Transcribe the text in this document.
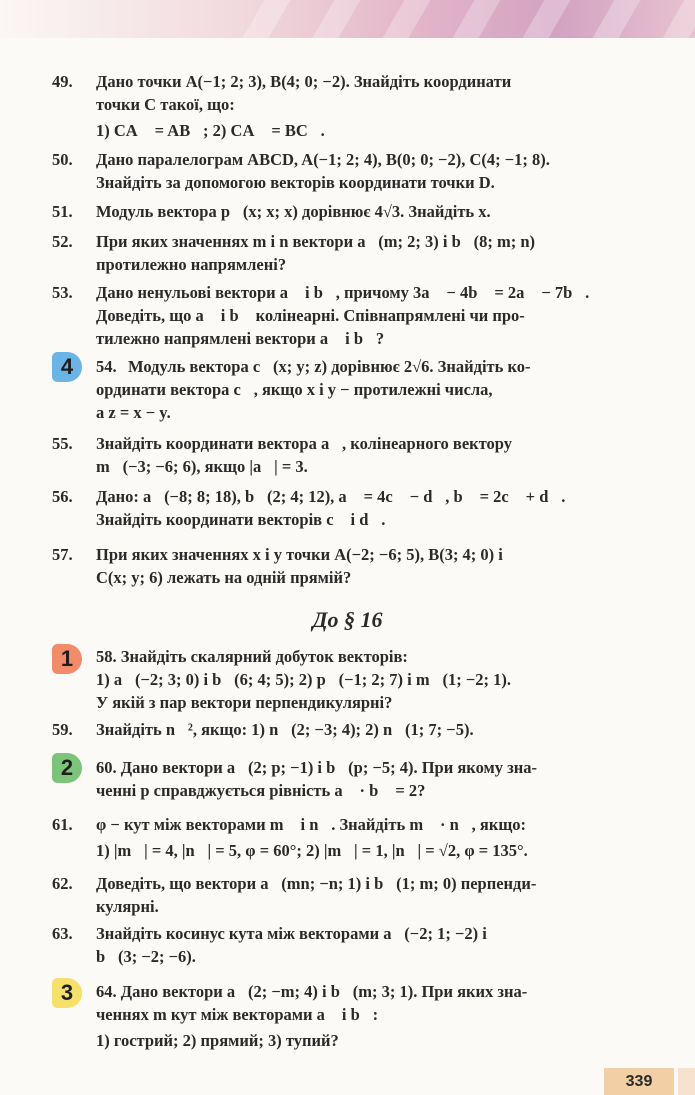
49.	Дано точки A(−1; 2; 3), B(4; 0; −2). Знайдіть координати
точки C такої, що:
1) CA⃗ = AB⃗; 2) CA⃗ = BC⃗.
50.	Дано паралелограм ABCD, A(−1; 2; 4), B(0; 0; −2), C(4; −1; 8).
Знайдіть за допомогою векторів координати точки D.
51.	Модуль вектора p⃗(x; x; x) дорівнює 4√3. Знайдіть x.
52.	При яких значеннях m і n вектори a⃗(m; 2; 3) і b⃗(8; m; n)
протилежно напрямлені?
53.	Дано ненульові вектори a⃗ і b⃗, причому 3a⃗ − 4b⃗ = 2a⃗ − 7b⃗.
Доведіть, що a⃗ і b⃗ колінеарні. Співнапрямлені чи про-
тилежно напрямлені вектори a⃗ і b⃗?
4	54. Модуль вектора c⃗(x; y; z) дорівнює 2√6. Знайдіть ко-
ординати вектора c⃗, якщо x і y − протилежні числа,
а z = x − y.
55.	Знайдіть координати вектора a⃗, колінеарного вектору
m⃗(−3; −6; 6), якщо |a⃗| = 3.
56.	Дано: a⃗(−8; 8; 18), b⃗(2; 4; 12), a⃗ = 4c⃗ − d⃗, b⃗ = 2c⃗ + d⃗.
Знайдіть координати векторів c⃗ і d⃗.
57.	При яких значеннях x і y точки A(−2; −6; 5), B(3; 4; 0) і
C(x; y; 6) лежать на одній прямій?
До § 16
1	58. Знайдіть скалярний добуток векторів:
1) a⃗(−2; 3; 0) і b⃗(6; 4; 5); 2) p⃗(−1; 2; 7) і m⃗(1; −2; 1).
У якій з пар вектори перпендикулярні?
59.	Знайдіть n⃗², якщо: 1) n⃗(2; −3; 4); 2) n⃗(1; 7; −5).
2	60. Дано вектори a⃗(2; p; −1) і b⃗(p; −5; 4). При якому зна-
ченні p справджується рівність a⃗ · b⃗ = 2?
61.	φ − кут між векторами m⃗ і n⃗. Знайдіть m⃗ · n⃗, якщо:
1) |m⃗| = 4, |n⃗| = 5, φ = 60°; 2) |m⃗| = 1, |n⃗| = √2, φ = 135°.
62.	Доведіть, що вектори a⃗(mn; −n; 1) і b⃗(1; m; 0) перпенди-
кулярні.
63.	Знайдіть косинус кута між векторами a⃗(−2; 1; −2) і
b⃗(3; −2; −6).
3	64. Дано вектори a⃗(2; −m; 4) і b⃗(m; 3; 1). При яких зна-
ченнях m кут між векторами a⃗ і b⃗:
1) гострий; 2) прямий; 3) тупий?
339
